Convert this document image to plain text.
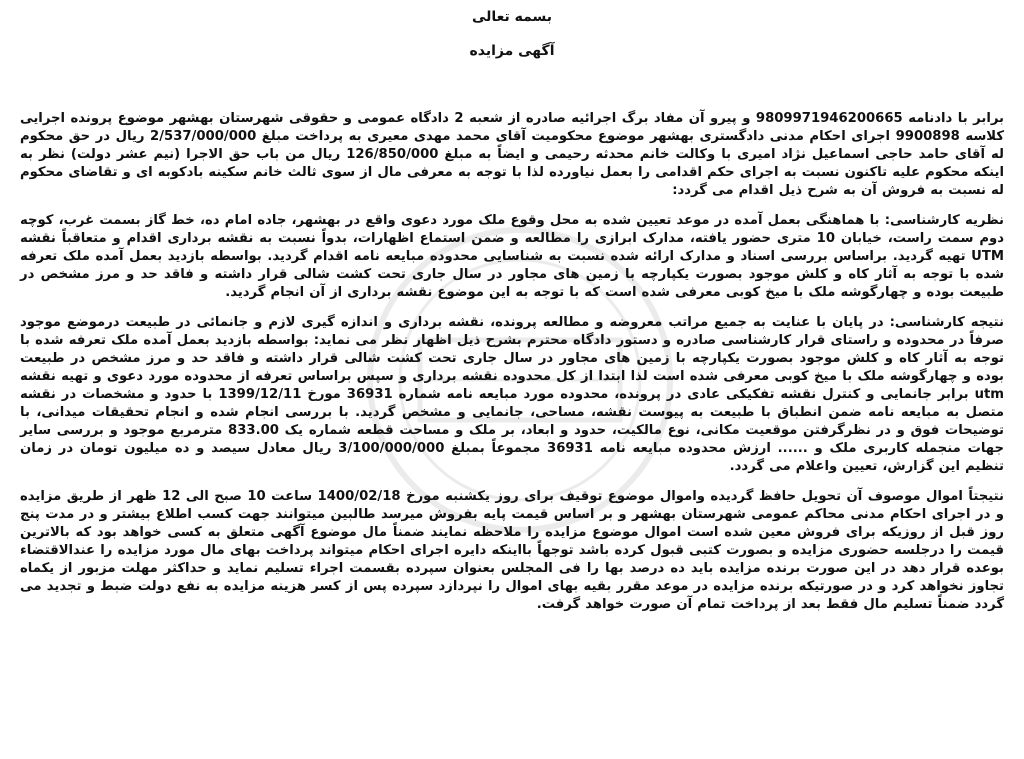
بسمه تعالی

آگهی مزایده

برابر با دادنامه 9809971946200665 و پیرو آن مفاد برگ اجرائیه صادره از شعبه 2 دادگاه عمومی و حقوقی شهرستان بهشهر موضوع پرونده اجرایی کلاسه 9900898 اجرای احکام مدنی دادگستری بهشهر موضوع محکومیت آقای محمد مهدی معیری به پرداخت مبلغ 2/537/000/000 ریال در حق محکوم له آقای حامد حاجی اسماعیل نژاد امیری با وکالت خانم محدثه رحیمی و ایضاً به مبلغ 126/850/000 ریال من باب حق الاجرا (نیم عشر دولت) نظر به اینکه محکوم علیه تاکنون نسبت به اجرای حکم اقدامی را بعمل نیاورده لذا با توجه به معرفی مال از سوی ثالث خانم سکینه بادکوبه ای و تقاضای محکوم له نسبت به فروش آن به شرح ذیل اقدام می گردد:

نظریه کارشناسی: با هماهنگی بعمل آمده در موعد تعیین شده به محل وقوع ملک مورد دعوی واقع در بهشهر، جاده امام ده، خط گاز بسمت غرب، کوچه دوم سمت راست، خیابان 10 متری حضور یافته، مدارک ابرازی را مطالعه و ضمن استماع اظهارات، بدواً نسبت به نقشه برداری اقدام و متعاقباً نقشه UTM تهیه گردید. براساس بررسی اسناد و مدارک ارائه شده نسبت به شناسایی محدوده مبایعه نامه اقدام گردید. بواسطه بازدید بعمل آمده ملک تعرفه شده با توجه به آثار کاه و کلش موجود بصورت یکپارچه با زمین های مجاور در سال جاری تحت کشت شالی قرار داشته و فاقد حد و مرز مشخص در طبیعت بوده و چهارگوشه ملک با میخ کوبی معرفی شده است که با توجه به این موضوع نقشه برداری از آن انجام گردید.

نتیجه کارشناسی: در پایان با عنایت به جمیع مراتب معروضه و مطالعه پرونده، نقشه برداری و اندازه گیری لازم و جانمائی در طبیعت درموضع موجود صرفاً در محدوده و راستای قرار کارشناسی صادره و دستور دادگاه محترم بشرح ذیل اظهار نظر می نماید: بواسطه بازدید بعمل آمده ملک تعرفه شده با توجه به آثار کاه و کلش موجود بصورت یکپارچه با زمین های مجاور در سال جاری تحت کشت شالی قرار داشته و فاقد حد و مرز مشخص در طبیعت بوده و چهارگوشه ملک با میخ کوبی معرفی شده است لذا ابتدا از کل محدوده نقشه برداری و سپس براساس تعرفه از محدوده مورد دعوی و تهیه نقشه utm برابر جانمایی و کنترل نقشه تفکیکی عادی در پرونده، محدوده مورد مبایعه نامه شماره 36931 مورخ 1399/12/11 با حدود و مشخصات در نقشه متصل به مبایعه نامه ضمن انطباق با طبیعت به پیوست نقشه، مساحی، جانمایی و مشخص گردید. با بررسی انجام شده و انجام تحقیقات میدانی، با توضیحات فوق و در نظرگرفتن موقعیت مکانی، نوع مالکیت، حدود و ابعاد، بر ملک و مساحت قطعه شماره یک 833.00 مترمربع موجود و بررسی سایر جهات منجمله کاربری ملک و ...... ارزش محدوده مبایعه نامه 36931 مجموعاً بمبلغ 3/100/000/000 ریال معادل سیصد و ده میلیون تومان در زمان تنظیم این گزارش، تعیین واعلام می گردد.

نتیجتاً اموال موصوف آن تحویل حافظ گردیده واموال موضوع توقیف برای روز یکشنبه مورخ 1400/02/18 ساعت 10 صبح الی 12 ظهر از طریق مزایده و در اجرای احکام مدنی محاکم عمومی شهرستان بهشهر و بر اساس قیمت پایه بفروش میرسد طالبین میتوانند جهت کسب اطلاع بیشتر و در مدت پنج روز قبل از روزیکه برای فروش معین شده است اموال موضوع مزایده را ملاحظه نمایند ضمناً مال موضوع آگهی متعلق به کسی خواهد بود که بالاترین قیمت را درجلسه حضوری مزایده و بصورت کتبی قبول کرده باشد توجهاً بااینکه دایره اجرای احکام میتواند پرداخت بهای مال مورد مزایده را عندالاقتضاء بوعده قرار دهد در این صورت برنده مزایده باید ده درصد بها را فی المجلس بعنوان سپرده بقسمت اجراء تسلیم نماید و حداکثر مهلت مزبور از یکماه تجاوز نخواهد کرد و در صورتیکه برنده مزایده در موعد مقرر بقیه بهای اموال را نپردازد سپرده پس از کسر هزینه مزایده به نفع دولت ضبط و تجدید می گردد ضمناً تسلیم مال فقط بعد از پرداخت تمام آن صورت خواهد گرفت.
